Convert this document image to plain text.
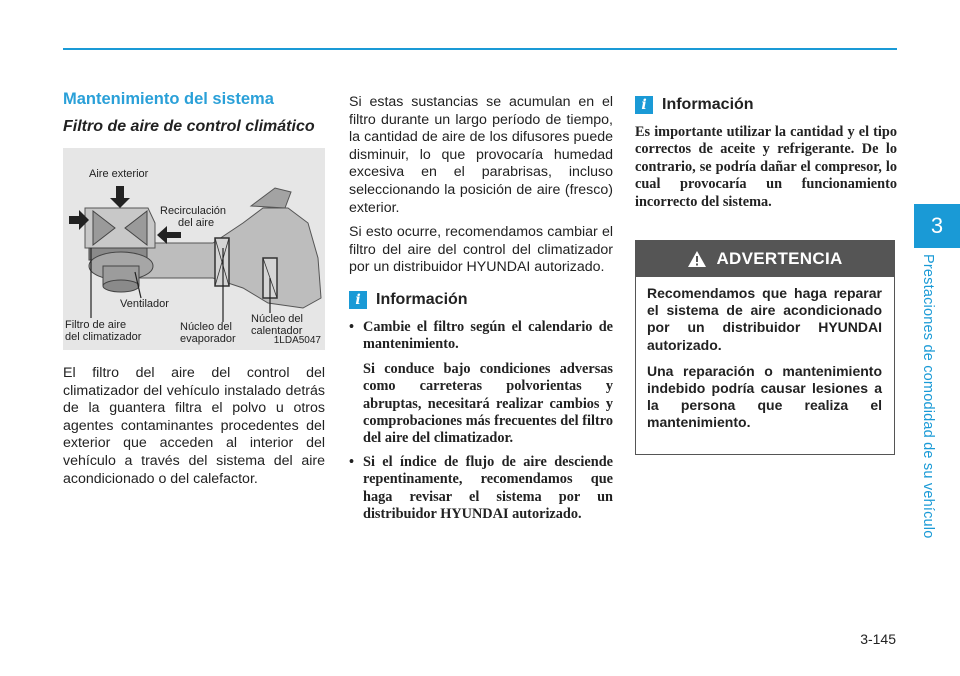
3
Prestaciones de comodidad de su vehículo
3-145
Mantenimiento del sistema
Filtro de aire de control climático
Aire exterior
Recirculación
del aire
Ventilador
Filtro de aire
del climatizador
Núcleo del
evaporador
Núcleo del
calentador
1LDA5047

El filtro del aire del control del climatizador del vehículo instalado detrás de la guantera filtra el polvo u otros agentes contaminantes procedentes del exterior que acceden al interior del vehículo a través del sistema del aire acondicionado o del calefactor.

Si estas sustancias se acumulan en el filtro durante un largo período de tiempo, la cantidad de aire de los difusores puede disminuir, lo que provocaría humedad excesiva en el parabrisas, incluso seleccionando la posición de aire (fresco) exterior.

Si esto ocurre, recomendamos cambiar el filtro del aire del control del climatizador por un distribuidor HYUNDAI autorizado.

i Información
• Cambie el filtro según el calendario de mantenimiento.

Si conduce bajo condiciones adversas como carreteras polvorientas y abruptas, necesitará realizar cambios y comprobaciones más frecuentes del filtro del aire del climatizador.

• Si el índice de flujo de aire desciende repentinamente, recomendamos que haga revisar el sistema por un distribuidor HYUNDAI autorizado.

i Información

Es importante utilizar la cantidad y el tipo correctos de aceite y refrigerante. De lo contrario, se podría dañar el compresor, lo cual provocaría un funcionamiento incorrecto del sistema.

ADVERTENCIA

Recomendamos que haga reparar el sistema de aire acondicionado por un distribuidor HYUNDAI autorizado.

Una reparación o mantenimiento indebido podría causar lesiones a la persona que realiza el mantenimiento.
